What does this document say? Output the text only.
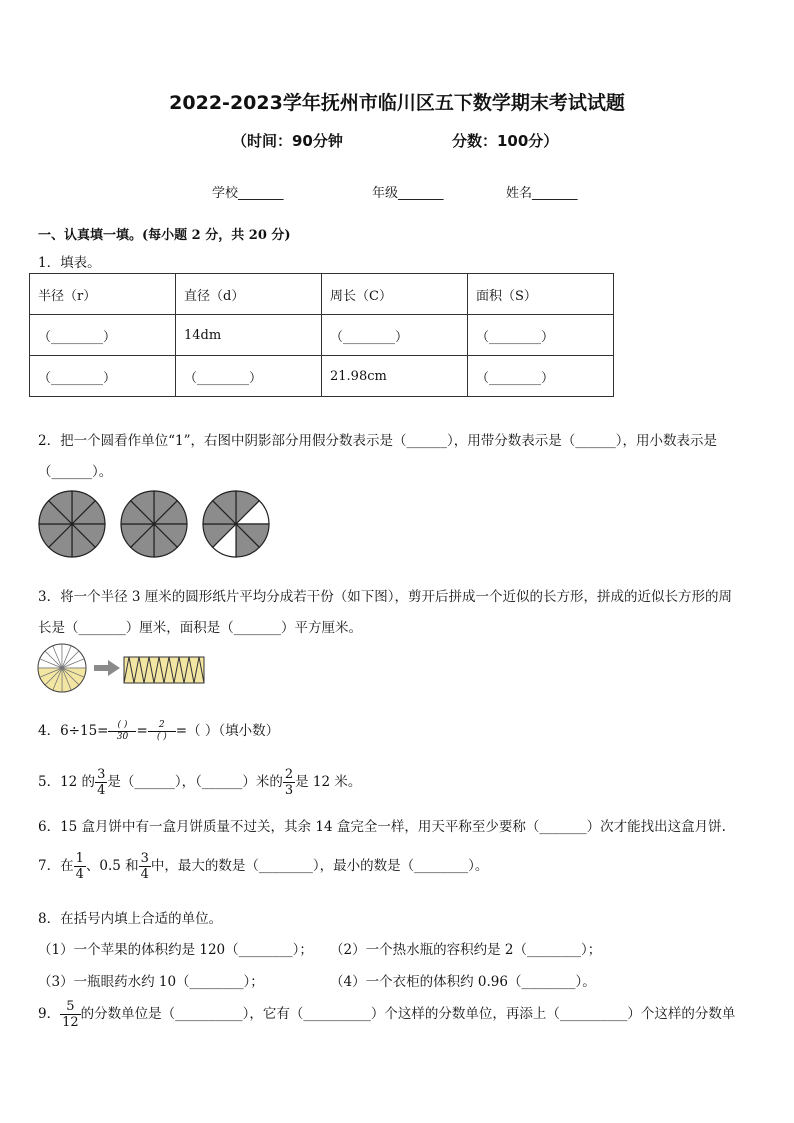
2022-2023学年抚州市临川区五下数学期末考试试题
（时间：90分钟	分数：100分）
学校_______	年级_______	姓名_______
一、认真填一填。(每小题 2 分，共 20 分)
1．填表。
半径（r）	直径（d）	周长（C）	面积（S）
（________）	14dm	（________）	（________）
（________）	（________）	21.98cm	（________）
2．把一个圆看作单位“1”，右图中阴影部分用假分数表示是（______），用带分数表示是（______），用小数表示是
（______）。
3．将一个半径 3 厘米的圆形纸片平均分成若干份（如下图），剪开后拼成一个近似的长方形，拼成的近似长方形的周
长是（_______）厘米，面积是（_______）平方厘米。
4．$6\div 15= \frac{( )}{30} = \frac{2}{( )}$ =（ ）（填小数）
5．12 的 $\frac{3}{4}$ 是（______），（______）米的 $\frac{2}{3}$ 是 12 米。
6．15 盒月饼中有一盒月饼质量不过关，其余 14 盒完全一样，用天平称至少要称（_______）次才能找出这盒月饼.
7．在 $\frac{1}{4}$ 、0.5 和 $\frac{3}{4}$ 中，最大的数是（________），最小的数是（________）。
8．在括号内填上合适的单位。
（1）一个苹果的体积约是 120（________）； （2）一个热水瓶的容积约是 2（________）；
（3）一瓶眼药水约 10（________）；	（4）一个衣柜的体积约 0.96（________）。
9． $\frac{5}{12}$ 的分数单位是（__________），它有（__________）个这样的分数单位，再添上（__________）个这样的分数单
